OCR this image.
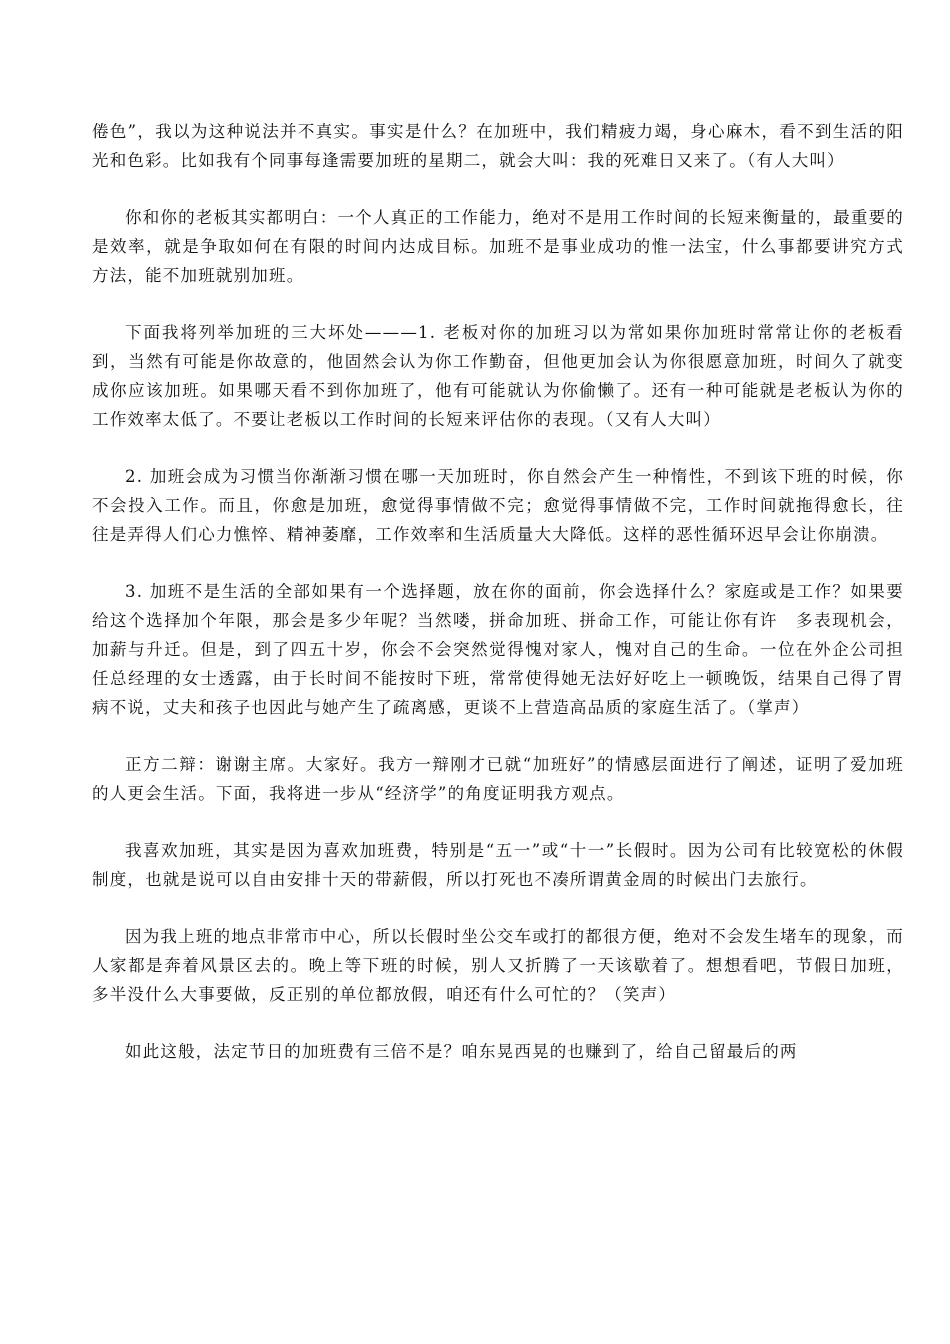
倦色”，我以为这种说法并不真实。事实是什么？在加班中，我们精疲力竭，身心麻木，看不到生活的阳光和色彩。比如我有个同事每逢需要加班的星期二，就会大叫：我的死难日又来了。（有人大叫）

你和你的老板其实都明白：一个人真正的工作能力，绝对不是用工作时间的长短来衡量的，最重要的是效率，就是争取如何在有限的时间内达成目标。加班不是事业成功的惟一法宝，什么事都要讲究方式方法，能不加班就别加班。

下面我将列举加班的三大坏处———1. 老板对你的加班习以为常如果你加班时常常让你的老板看到，当然有可能是你故意的，他固然会认为你工作勤奋，但他更加会认为你很愿意加班，时间久了就变成你应该加班。如果哪天看不到你加班了，他有可能就认为你偷懒了。还有一种可能就是老板认为你的工作效率太低了。不要让老板以工作时间的长短来评估你的表现。（又有人大叫）

2. 加班会成为习惯当你渐渐习惯在哪一天加班时，你自然会产生一种惰性，不到该下班的时候，你不会投入工作。而且，你愈是加班，愈觉得事情做不完；愈觉得事情做不完，工作时间就拖得愈长，往往是弄得人们心力憔悴、精神萎靡，工作效率和生活质量大大降低。这样的恶性循环迟早会让你崩溃。

3. 加班不是生活的全部如果有一个选择题，放在你的面前，你会选择什么？家庭或是工作？如果要给这个选择加个年限，那会是多少年呢？当然喽，拼命加班、拼命工作，可能让你有许　多表现机会，加薪与升迁。但是，到了四五十岁，你会不会突然觉得愧对家人，愧对自己的生命。一位在外企公司担任总经理的女士透露，由于长时间不能按时下班，常常使得她无法好好吃上一顿晚饭，结果自己得了胃病不说，丈夫和孩子也因此与她产生了疏离感，更谈不上营造高品质的家庭生活了。（掌声）

正方二辩：谢谢主席。大家好。我方一辩刚才已就“加班好”的情感层面进行了阐述，证明了爱加班的人更会生活。下面，我将进一步从“经济学”的角度证明我方观点。

我喜欢加班，其实是因为喜欢加班费，特别是“五一”或“十一”长假时。因为公司有比较宽松的休假制度，也就是说可以自由安排十天的带薪假，所以打死也不凑所谓黄金周的时候出门去旅行。

因为我上班的地点非常市中心，所以长假时坐公交车或打的都很方便，绝对不会发生堵车的现象，而人家都是奔着风景区去的。晚上等下班的时候，别人又折腾了一天该歇着了。想想看吧，节假日加班，多半没什么大事要做，反正别的单位都放假，咱还有什么可忙的？（笑声）

如此这般，法定节日的加班费有三倍不是？咱东晃西晃的也赚到了，给自己留最后的两
